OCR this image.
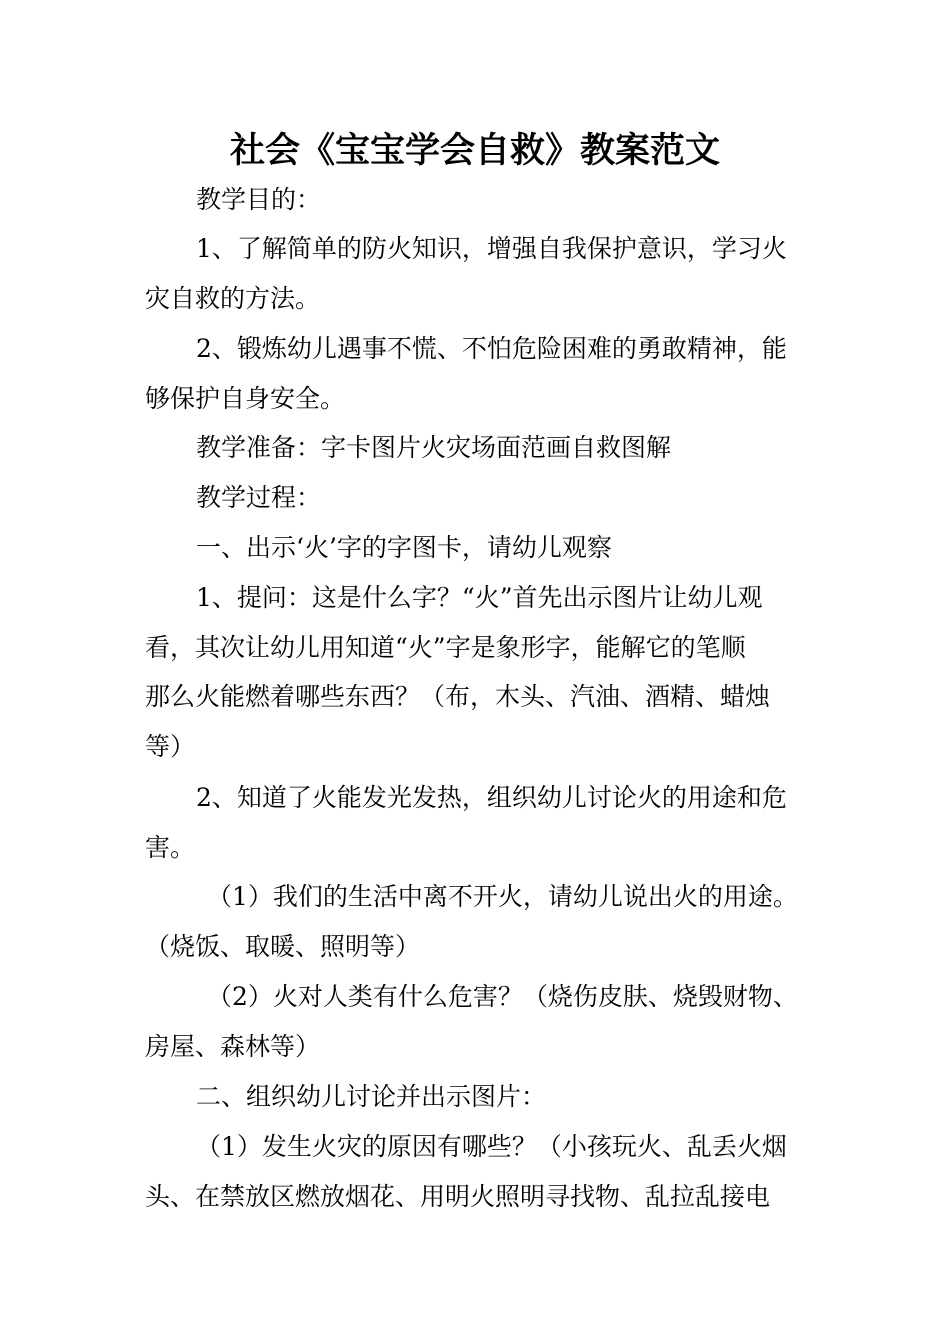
社会《宝宝学会自救》教案范文
教学目的：
1、了解简单的防火知识，增强自我保护意识，学习火
灾自救的方法。
2、锻炼幼儿遇事不慌、不怕危险困难的勇敢精神，能
够保护自身安全。
教学准备：字卡图片火灾场面范画自救图解
教学过程：
一、出示‘火’字的字图卡，请幼儿观察
1、提问：这是什么字？“火”首先出示图片让幼儿观
看，其次让幼儿用知道“火”字是象形字，能解它的笔顺
那么火能燃着哪些东西？（布，木头、汽油、酒精、蜡烛
等）
2、知道了火能发光发热，组织幼儿讨论火的用途和危
害。
（1）我们的生活中离不开火，请幼儿说出火的用途。
（烧饭、取暖、照明等）
（2）火对人类有什么危害？（烧伤皮肤、烧毁财物、
房屋、森林等）
二、组织幼儿讨论并出示图片：
（1）发生火灾的原因有哪些？（小孩玩火、乱丢火烟
头、在禁放区燃放烟花、用明火照明寻找物、乱拉乱接电
